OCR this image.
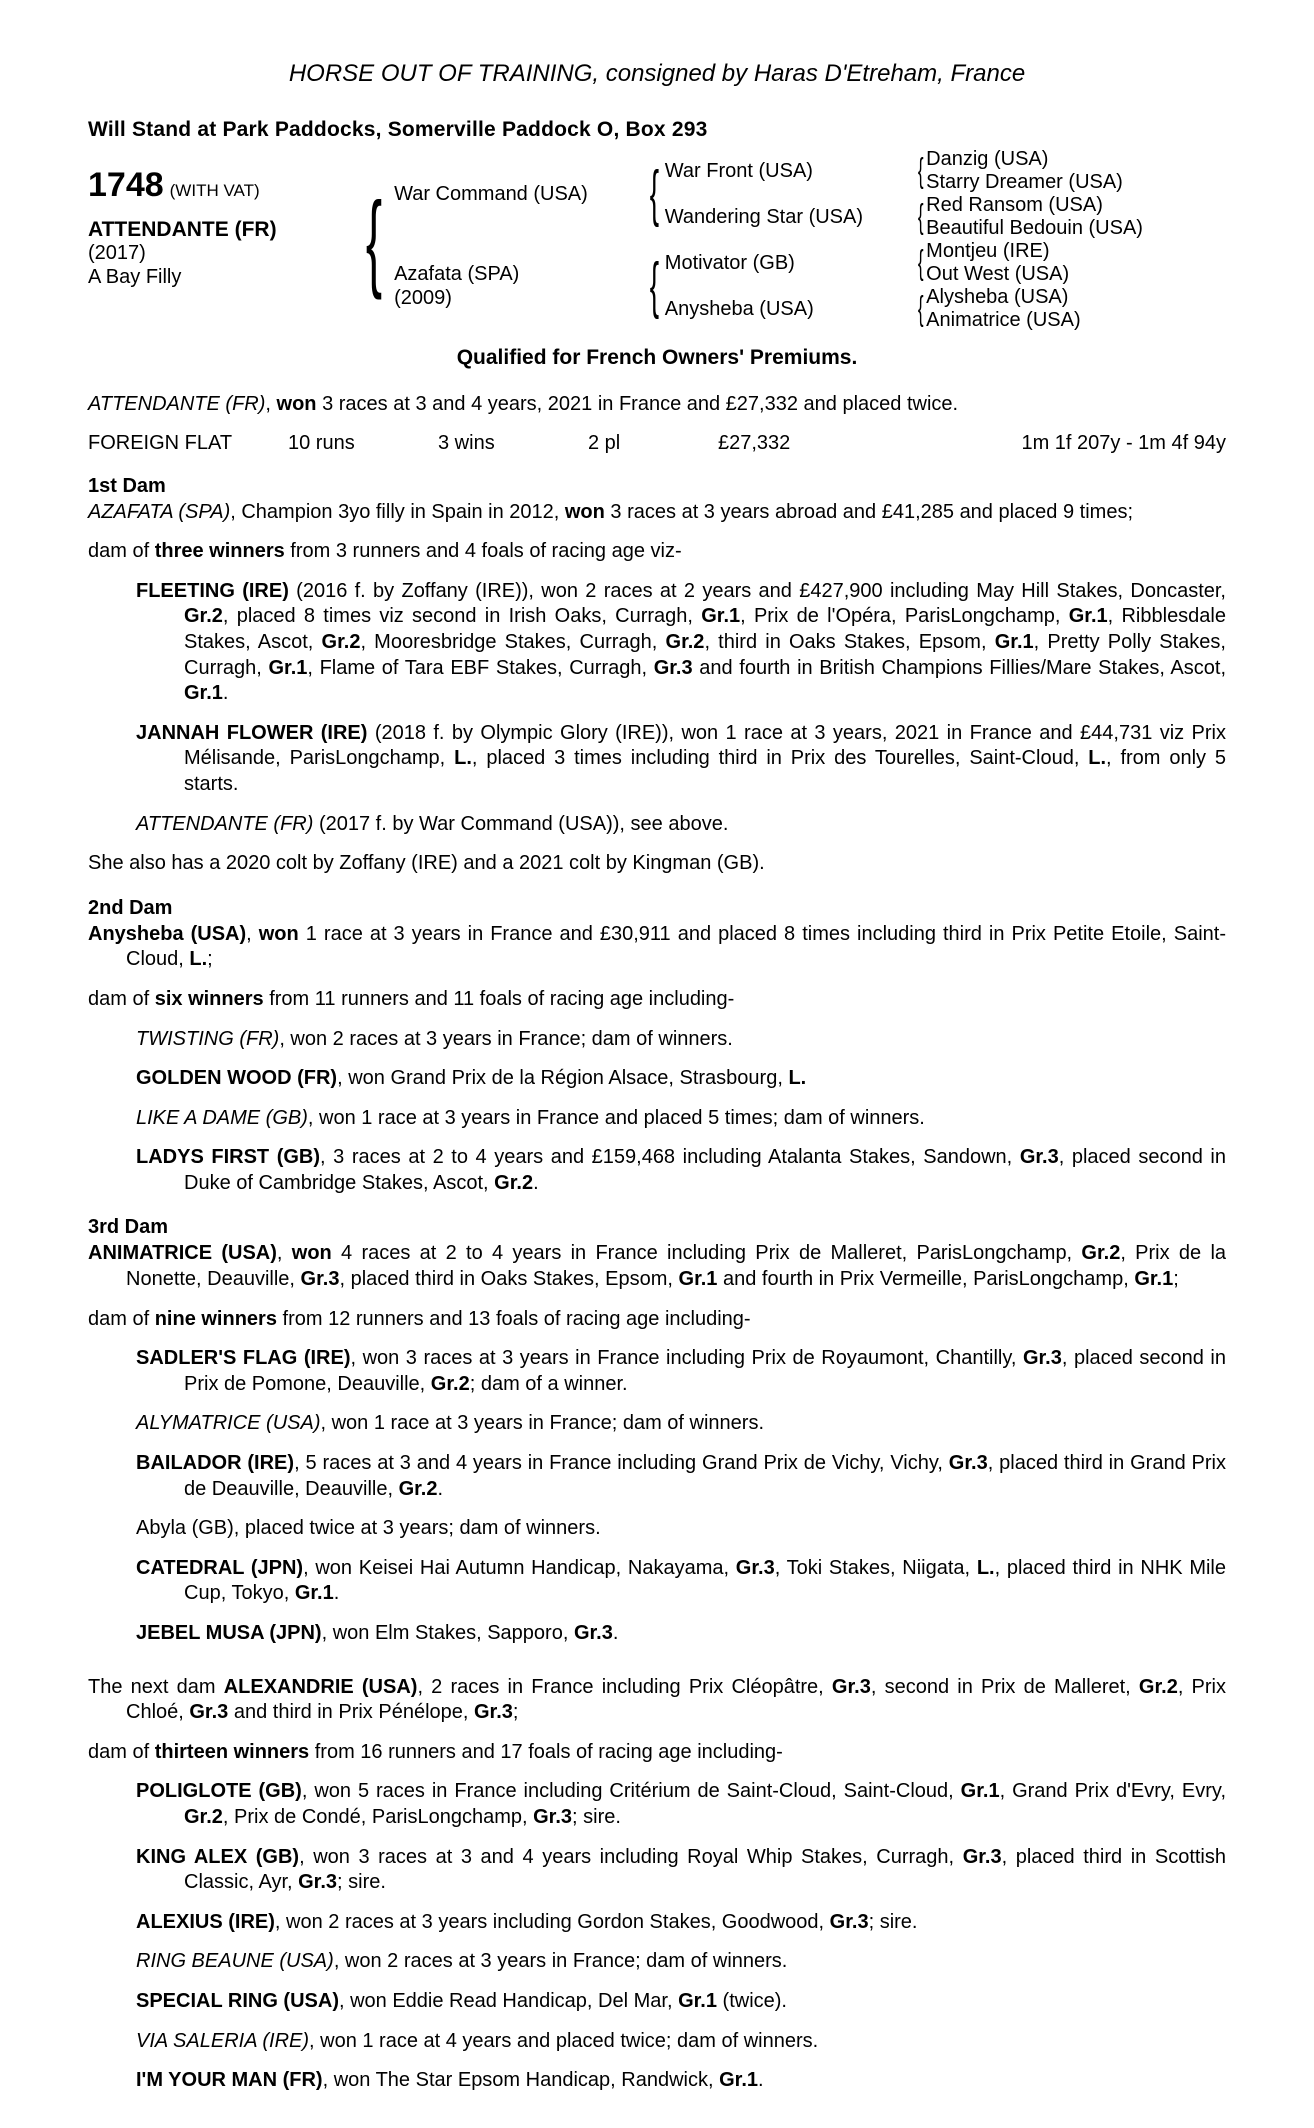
HORSE OUT OF TRAINING, consigned by Haras D'Etreham, France
Will Stand at Park Paddocks, Somerville Paddock O, Box 293
1748 (WITH VAT)
ATTENDANTE (FR)
(2017)
A Bay Filly	{ War Command (USA)
Azafata (SPA)
(2009)
{
{
War Front (USA)
Wandering Star (USA)
Motivator (GB)
Anysheba (USA)
{
{
{
{
Danzig (USA)
Starry Dreamer (USA)
Red Ransom (USA)
Beautiful Bedouin (USA)
Montjeu (IRE)
Out West (USA)
Alysheba (USA)
Animatrice (USA)
Qualified for French Owners' Premiums.

ATTENDANTE (FR), won 3 races at 3 and 4 years, 2021 in France and £27,332 and placed twice.

FOREIGN FLAT	10 runs	3 wins	2 pl	£27,332	1m 1f 207y - 1m 4f 94y
1st Dam

AZAFATA (SPA), Champion 3yo filly in Spain in 2012, won 3 races at 3 years abroad and £41,285 and placed 9 times;

dam of three winners from 3 runners and 4 foals of racing age viz-

FLEETING (IRE) (2016 f. by Zoffany (IRE)), won 2 races at 2 years and £427,900 including May Hill Stakes, Doncaster, Gr.2, placed 8 times viz second in Irish Oaks, Curragh, Gr.1, Prix de l'Opéra, ParisLongchamp, Gr.1, Ribblesdale Stakes, Ascot, Gr.2, Mooresbridge Stakes, Curragh, Gr.2, third in Oaks Stakes, Epsom, Gr.1, Pretty Polly Stakes, Curragh, Gr.1, Flame of Tara EBF Stakes, Curragh, Gr.3 and fourth in British Champions Fillies/Mare Stakes, Ascot, Gr.1.

JANNAH FLOWER (IRE) (2018 f. by Olympic Glory (IRE)), won 1 race at 3 years, 2021 in France and £44,731 viz Prix Mélisande, ParisLongchamp, L., placed 3 times including third in Prix des Tourelles, Saint-Cloud, L., from only 5 starts.

ATTENDANTE (FR) (2017 f. by War Command (USA)), see above.

She also has a 2020 colt by Zoffany (IRE) and a 2021 colt by Kingman (GB).

2nd Dam

Anysheba (USA), won 1 race at 3 years in France and £30,911 and placed 8 times including third in Prix Petite Etoile, Saint-Cloud, L.;

dam of six winners from 11 runners and 11 foals of racing age including-

TWISTING (FR), won 2 races at 3 years in France; dam of winners.

GOLDEN WOOD (FR), won Grand Prix de la Région Alsace, Strasbourg, L.

LIKE A DAME (GB), won 1 race at 3 years in France and placed 5 times; dam of winners.

LADYS FIRST (GB), 3 races at 2 to 4 years and £159,468 including Atalanta Stakes, Sandown, Gr.3, placed second in Duke of Cambridge Stakes, Ascot, Gr.2.

3rd Dam

ANIMATRICE (USA), won 4 races at 2 to 4 years in France including Prix de Malleret, ParisLongchamp, Gr.2, Prix de la Nonette, Deauville, Gr.3, placed third in Oaks Stakes, Epsom, Gr.1 and fourth in Prix Vermeille, ParisLongchamp, Gr.1;

dam of nine winners from 12 runners and 13 foals of racing age including-

SADLER'S FLAG (IRE), won 3 races at 3 years in France including Prix de Royaumont, Chantilly, Gr.3, placed second in Prix de Pomone, Deauville, Gr.2; dam of a winner.

ALYMATRICE (USA), won 1 race at 3 years in France; dam of winners.

BAILADOR (IRE), 5 races at 3 and 4 years in France including Grand Prix de Vichy, Vichy, Gr.3, placed third in Grand Prix de Deauville, Deauville, Gr.2.

Abyla (GB), placed twice at 3 years; dam of winners.

CATEDRAL (JPN), won Keisei Hai Autumn Handicap, Nakayama, Gr.3, Toki Stakes, Niigata, L., placed third in NHK Mile Cup, Tokyo, Gr.1.

JEBEL MUSA (JPN), won Elm Stakes, Sapporo, Gr.3.

The next dam ALEXANDRIE (USA), 2 races in France including Prix Cléopâtre, Gr.3, second in Prix de Malleret, Gr.2, Prix Chloé, Gr.3 and third in Prix Pénélope, Gr.3;

dam of thirteen winners from 16 runners and 17 foals of racing age including-

POLIGLOTE (GB), won 5 races in France including Critérium de Saint-Cloud, Saint-Cloud, Gr.1, Grand Prix d'Evry, Evry, Gr.2, Prix de Condé, ParisLongchamp, Gr.3; sire.

KING ALEX (GB), won 3 races at 3 and 4 years including Royal Whip Stakes, Curragh, Gr.3, placed third in Scottish Classic, Ayr, Gr.3; sire.

ALEXIUS (IRE), won 2 races at 3 years including Gordon Stakes, Goodwood, Gr.3; sire.

RING BEAUNE (USA), won 2 races at 3 years in France; dam of winners.

SPECIAL RING (USA), won Eddie Read Handicap, Del Mar, Gr.1 (twice).

VIA SALERIA (IRE), won 1 race at 4 years and placed twice; dam of winners.

I'M YOUR MAN (FR), won The Star Epsom Handicap, Randwick, Gr.1.
